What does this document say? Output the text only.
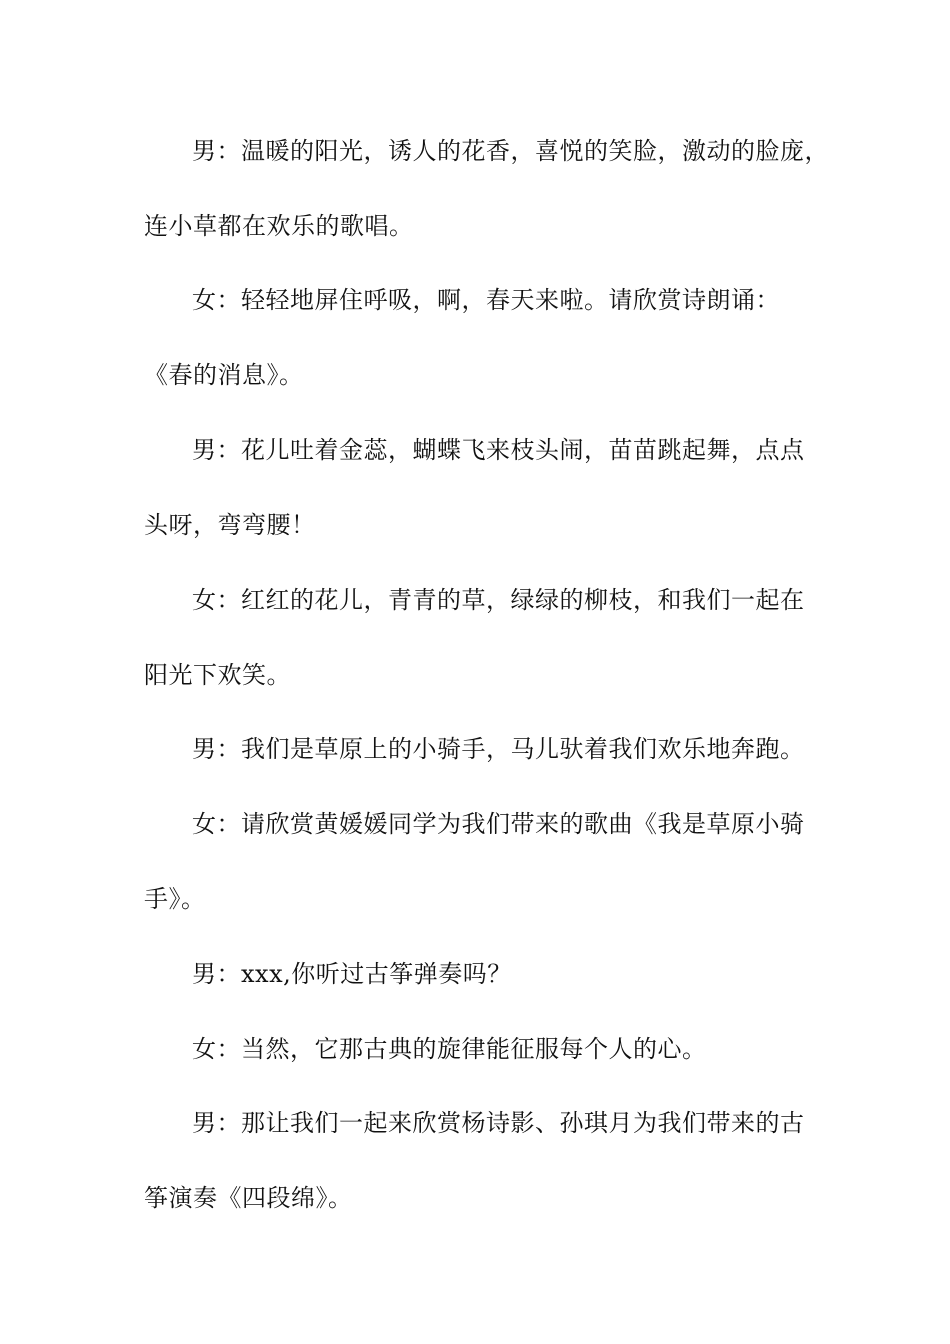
男：温暖的阳光，诱人的花香，喜悦的笑脸，激动的脸庞，
连小草都在欢乐的歌唱。
女：轻轻地屏住呼吸，啊，春天来啦。请欣赏诗朗诵：
《春的消息》。
男：花儿吐着金蕊，蝴蝶飞来枝头闹，苗苗跳起舞，点点
头呀，弯弯腰！
女：红红的花儿，青青的草，绿绿的柳枝，和我们一起在
阳光下欢笑。
男：我们是草原上的小骑手，马儿驮着我们欢乐地奔跑。
女：请欣赏黄媛媛同学为我们带来的歌曲《我是草原小骑
手》。
男：xxx,你听过古筝弹奏吗？
女：当然，它那古典的旋律能征服每个人的心。
男：那让我们一起来欣赏杨诗影、孙琪月为我们带来的古
筝演奏《四段绵》。
